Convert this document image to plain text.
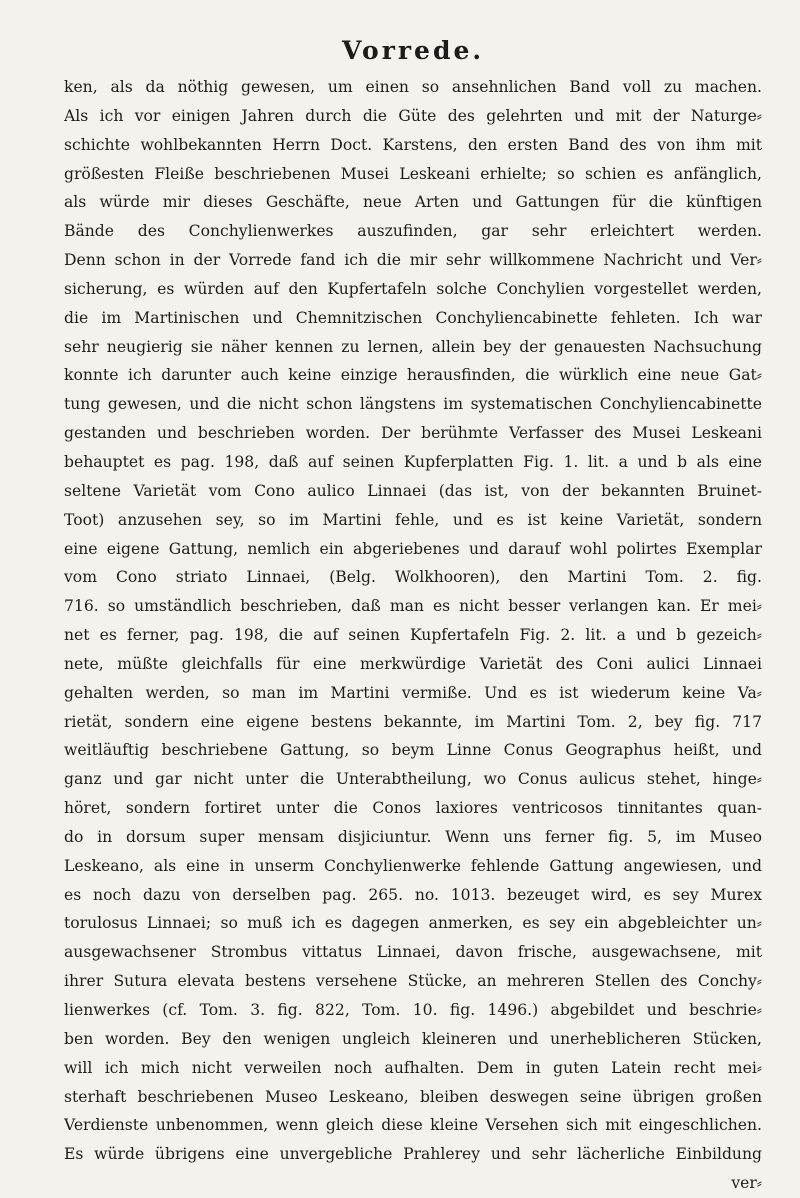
Vorrede.
ken, als da nöthig gewesen, um einen so ansehnlichen Band voll zu machen.
Als ich vor einigen Jahren durch die Güte des gelehrten und mit der Naturge⸗
schichte wohlbekannten Herrn Doct. Karstens, den ersten Band des von ihm mit
größesten Fleiße beschriebenen Musei Leskeani erhielte; so schien es anfänglich,
als würde mir dieses Geschäfte, neue Arten und Gattungen für die künftigen
Bände des Conchylienwerkes auszufinden, gar sehr erleichtert werden.
Denn schon in der Vorrede fand ich die mir sehr willkommene Nachricht und Ver⸗
sicherung, es würden auf den Kupfertafeln solche Conchylien vorgestellet werden,
die im Martinischen und Chemnitzischen Conchyliencabinette fehleten. Ich war
sehr neugierig sie näher kennen zu lernen, allein bey der genauesten Nachsuchung
konnte ich darunter auch keine einzige herausfinden, die würklich eine neue Gat⸗
tung gewesen, und die nicht schon längstens im systematischen Conchyliencabinette
gestanden und beschrieben worden. Der berühmte Verfasser des Musei Leskeani
behauptet es pag. 198, daß auf seinen Kupferplatten Fig. 1. lit. a und b als eine
seltene Varietät vom Cono aulico Linnaei (das ist, von der bekannten Bruinet-
Toot) anzusehen sey, so im Martini fehle, und es ist keine Varietät, sondern
eine eigene Gattung, nemlich ein abgeriebenes und darauf wohl polirtes Exemplar
vom Cono striato Linnaei, (Belg. Wolkhooren), den Martini Tom. 2. fig.
716. so umständlich beschrieben, daß man es nicht besser verlangen kan. Er mei⸗
net es ferner, pag. 198, die auf seinen Kupfertafeln Fig. 2. lit. a und b gezeich⸗
nete, müßte gleichfalls für eine merkwürdige Varietät des Coni aulici Linnaei
gehalten werden, so man im Martini vermiße. Und es ist wiederum keine Va⸗
rietät, sondern eine eigene bestens bekannte, im Martini Tom. 2, bey fig. 717
weitläuftig beschriebene Gattung, so beym Linne Conus Geographus heißt, und
ganz und gar nicht unter die Unterabtheilung, wo Conus aulicus stehet, hinge⸗
höret, sondern fortiret unter die Conos laxiores ventricosos tinnitantes quan-
do in dorsum super mensam disjiciuntur. Wenn uns ferner fig. 5, im Museo
Leskeano, als eine in unserm Conchylienwerke fehlende Gattung angewiesen, und
es noch dazu von derselben pag. 265. no. 1013. bezeuget wird, es sey Murex
torulosus Linnaei; so muß ich es dagegen anmerken, es sey ein abgebleichter un⸗
ausgewachsener Strombus vittatus Linnaei, davon frische, ausgewachsene, mit
ihrer Sutura elevata bestens versehene Stücke, an mehreren Stellen des Conchy⸗
lienwerkes (cf. Tom. 3. fig. 822, Tom. 10. fig. 1496.) abgebildet und beschrie⸗
ben worden. Bey den wenigen ungleich kleineren und unerheblicheren Stücken,
will ich mich nicht verweilen noch aufhalten. Dem in guten Latein recht mei⸗
sterhaft beschriebenen Museo Leskeano, bleiben deswegen seine übrigen großen
Verdienste unbenommen, wenn gleich diese kleine Versehen sich mit eingeschlichen.
Es würde übrigens eine unvergebliche Prahlerey und sehr lächerliche Einbildung
ver⸗
